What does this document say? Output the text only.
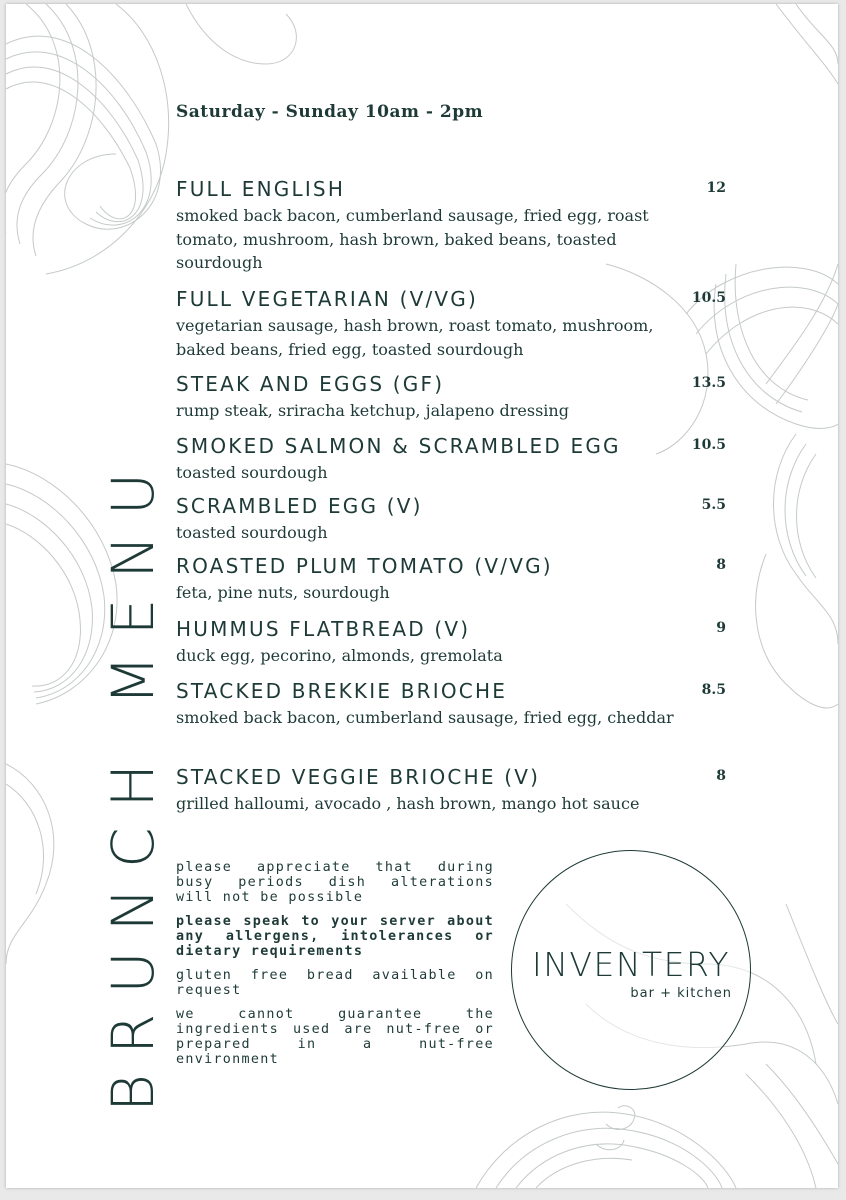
BRUNCH MENU
Saturday - Sunday 10am - 2pm
FULL ENGLISH	12
smoked back bacon, cumberland sausage, fried egg, roast tomato, mushroom, hash brown, baked beans, toasted sourdough
FULL VEGETARIAN (V/VG)	10.5
vegetarian sausage, hash brown, roast tomato, mushroom, baked beans, fried egg, toasted sourdough
STEAK AND EGGS (GF)	13.5
rump steak, sriracha ketchup, jalapeno dressing
SMOKED SALMON & SCRAMBLED EGG	10.5
toasted sourdough
SCRAMBLED EGG (V)	5.5
toasted sourdough
ROASTED PLUM TOMATO (V/VG)	8
feta, pine nuts, sourdough
HUMMUS FLATBREAD (V)	9
duck egg, pecorino, almonds, gremolata
STACKED BREKKIE BRIOCHE	8.5
smoked back bacon, cumberland sausage, fried egg, cheddar
STACKED VEGGIE BRIOCHE (V)	8
grilled halloumi, avocado , hash brown, mango hot sauce

please appreciate that during busy periods dish alterations will not be possible

please speak to your server about any allergens, intolerances or dietary requirements

gluten free bread available on request

we cannot guarantee the ingredients used are nut-free or prepared in a nut-free environment

INVENTERY
bar + kitchen
